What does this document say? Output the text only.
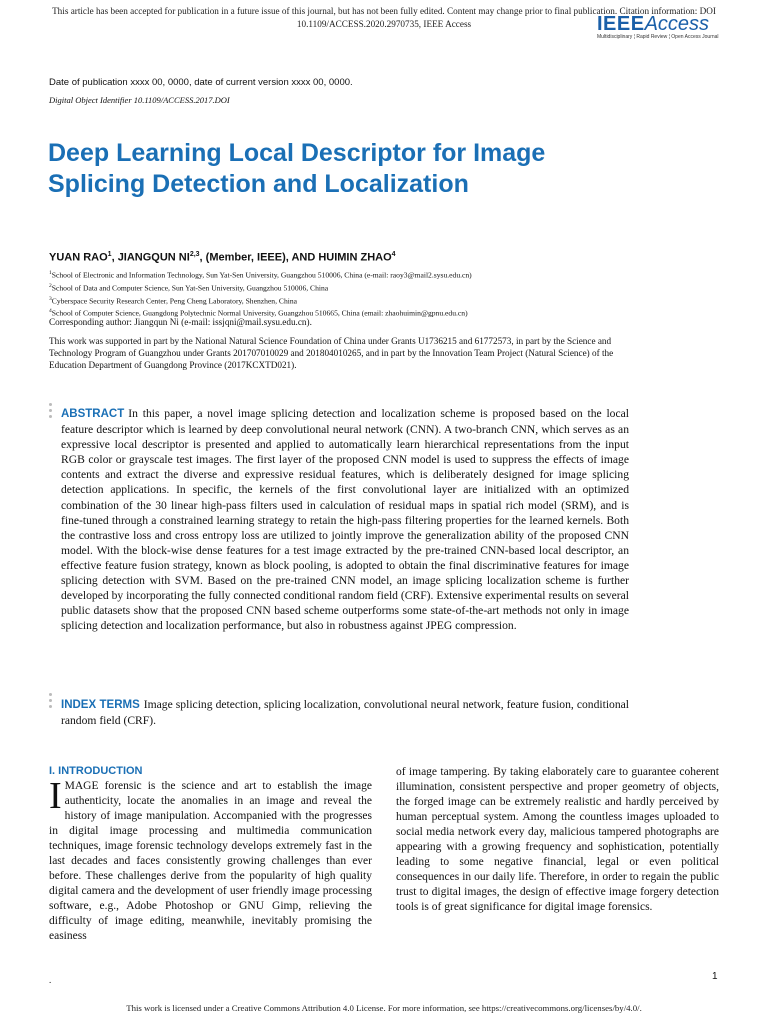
This article has been accepted for publication in a future issue of this journal, but has not been fully edited. Content may change prior to final publication. Citation information: DOI
10.1109/ACCESS.2020.2970735, IEEE Access	IEEEAccess
Multidisciplinary ¦ Rapid Review ¦ Open Access Journal
Date of publication xxxx 00, 0000, date of current version xxxx 00, 0000.
Digital Object Identifier 10.1109/ACCESS.2017.DOI
Deep Learning Local Descriptor for Image Splicing Detection and Localization
YUAN RAO$^1$, JIANGQUN NI$^{2,3}$, (Member, IEEE), AND HUIMIN ZHAO$^4$
$^1$School of Electronic and Information Technology, Sun Yat-Sen University, Guangzhou 510006, China (e-mail: raoy3@mail2.sysu.edu.cn)
$^2$School of Data and Computer Science, Sun Yat-Sen University, Guangzhou 510006, China
$^3$Cyberspace Security Research Center, Peng Cheng Laboratory, Shenzhen, China
$^4$School of Computer Science, Guangdong Polytechnic Normal University, Guangzhou 510665, China (email: zhaohuimin@gpnu.edu.cn)
Corresponding author: Jiangqun Ni (e-mail: issjqni@mail.sysu.edu.cn).
This work was supported in part by the National Natural Science Foundation of China under Grants U1736215 and 61772573, in part by the Science and Technology Program of Guangzhou under Grants 201707010029 and 201804010265, and in part by the Innovation Team Project (Natural Science) of the Education Department of Guangdong Province (2017KCXTD021).
ABSTRACT In this paper, a novel image splicing detection and localization scheme is proposed based on the local feature descriptor which is learned by deep convolutional neural network (CNN). A two-branch CNN, which serves as an expressive local descriptor is presented and applied to automatically learn hierarchical representations from the input RGB color or grayscale test images. The first layer of the proposed CNN model is used to suppress the effects of image contents and extract the diverse and expressive residual features, which is deliberately designed for image splicing detection applications. In specific, the kernels of the first convolutional layer are initialized with an optimized combination of the 30 linear high-pass filters used in calculation of residual maps in spatial rich model (SRM), and is fine-tuned through a constrained learning strategy to retain the high-pass filtering properties for the learned kernels. Both the contrastive loss and cross entropy loss are utilized to jointly improve the generalization ability of the proposed CNN model. With the block-wise dense features for a test image extracted by the pre-trained CNN-based local descriptor, an effective feature fusion strategy, known as block pooling, is adopted to obtain the final discriminative features for image splicing detection with SVM. Based on the pre-trained CNN model, an image splicing localization scheme is further developed by incorporating the fully connected conditional random field (CRF). Extensive experimental results on several public datasets show that the proposed CNN based scheme outperforms some state-of-the-art methods not only in image splicing detection and localization performance, but also in robustness against JPEG compression.
INDEX TERMS Image splicing detection, splicing localization, convolutional neural network, feature fusion, conditional random field (CRF).
I. INTRODUCTION
IMAGE forensic is the science and art to establish the image authenticity, locate the anomalies in an image and reveal the history of image manipulation. Accompanied with the progresses in digital image processing and multimedia communication techniques, image forensic technology develops extremely fast in the last decades and faces consistently growing challenges than ever before. These challenges derive from the popularity of high quality digital camera and the development of user friendly image processing software, e.g., Adobe Photoshop or GNU Gimp, relieving the difficulty of image editing, meanwhile, inevitably promising the easiness
of image tampering. By taking elaborately care to guarantee coherent illumination, consistent perspective and proper geometry of objects, the forged image can be extremely realistic and hardly perceived by human perceptual system. Among the countless images uploaded to social media network every day, malicious tampered photographs are appearing with a growing frequency and sophistication, potentially leading to some negative financial, legal or even political consequences in our daily life. Therefore, in order to regain the public trust to digital images, the design of effective image forgery detection tools is of great significance for digital image forensics.
.	1
This work is licensed under a Creative Commons Attribution 4.0 License. For more information, see https://creativecommons.org/licenses/by/4.0/.
